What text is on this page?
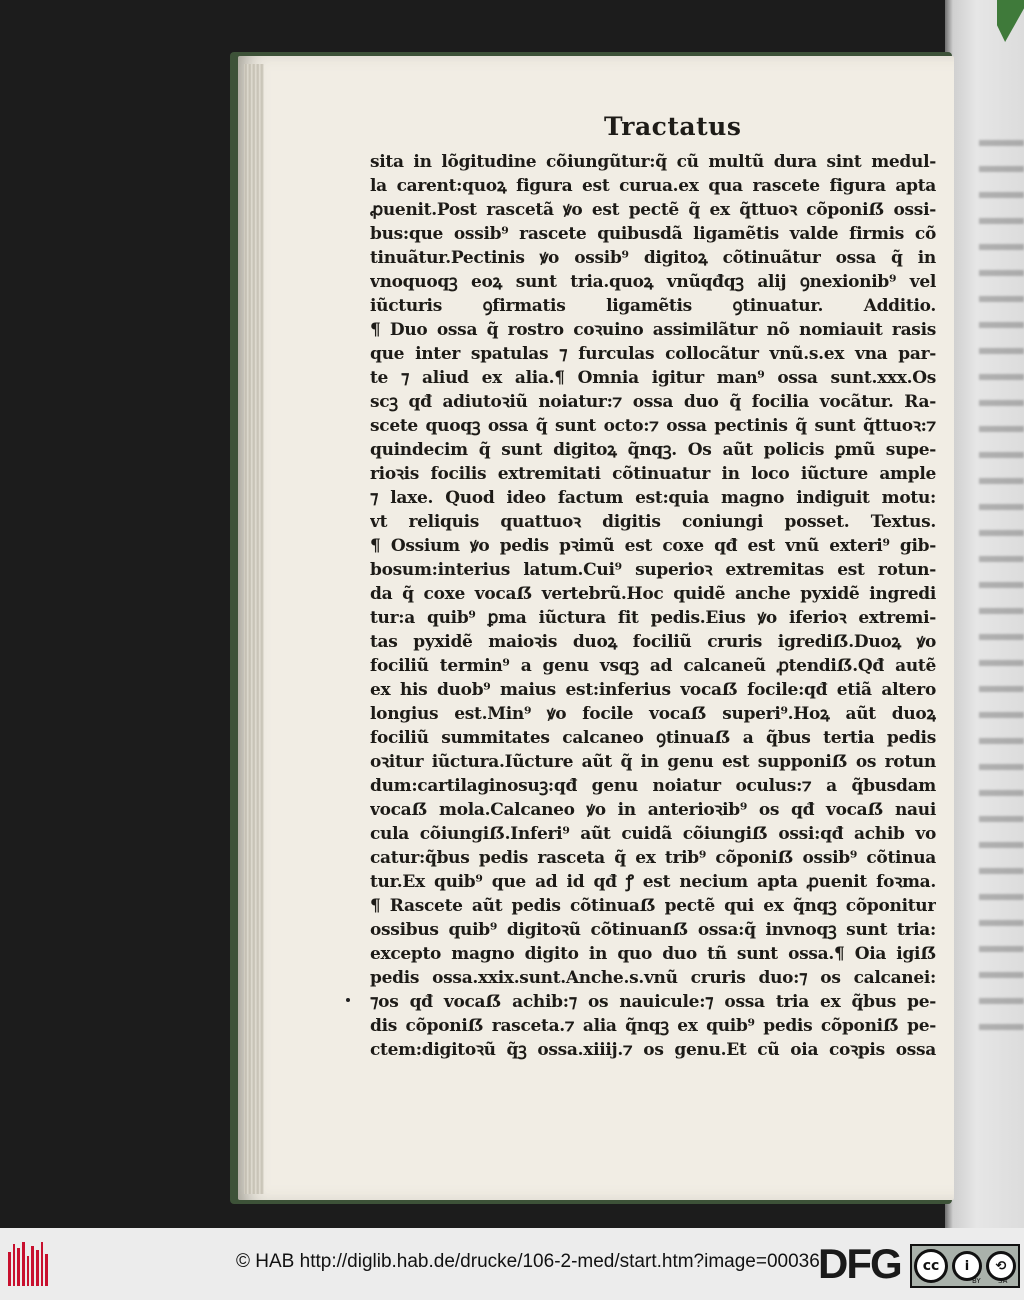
Tractatus
sita in lõgitudine cõiungũtur:q̃ cũ multũ dura sint medul-
la carent:quoꝝ figura est curua.ex qua rascete figura apta
ꝓuenit.Post rascetã ꝟo est pectẽ q̃ ex q̃ttuoꝛ cõponiẞ ossi-
bus:que ossib⁹ rascete quibusdã ligamẽtis valde firmis cõ
tinuãtur.Pectinis ꝟo ossib⁹ digitoꝝ cõtinuãtur ossa q̃ in
vnoquoqꝫ eoꝝ sunt tria.quoꝝ vnũqđqꝫ alij ꝯnexionib⁹ vel
iũcturis ꝯfirmatis ligamẽtis ꝯtinuatur. Additio.
¶ Duo ossa q̃ rostro coꝛuino assimilãtur nõ nomiauit rasis
que inter spatulas ⁊ furculas collocãtur vnũ.s.ex vna par-
te ⁊ aliud ex alia.¶ Omnia igitur man⁹ ossa sunt.xxx.Os
scꝫ qđ adiutoꝛiũ noiatur:⁊ ossa duo q̃ focilia vocãtur. Ra-
scete quoqꝫ ossa q̃ sunt octo:⁊ ossa pectinis q̃ sunt q̃ttuoꝛ:⁊
quindecim q̃ sunt digitoꝝ q̃nqꝫ. Os aũt policis ꝑmũ supe-
rioꝛis focilis extremitati cõtinuatur in loco iũcture ample
⁊ laxe. Quod ideo factum est:quia magno indiguit motu:
vt reliquis quattuoꝛ digitis coniungi posset. Textus.
¶ Ossium ꝟo pedis pꝛimũ est coxe qđ est vnũ exteri⁹ gib-
bosum:interius latum.Cui⁹ superioꝛ extremitas est rotun-
da q̃ coxe vocaẞ vertebrũ.Hoc quidẽ anche pyxidẽ ingredi
tur:a quib⁹ ꝑma iũctura fit pedis.Eius ꝟo iferioꝛ extremi-
tas pyxidẽ maioꝛis duoꝝ fociliũ cruris igrediẞ.Duoꝝ ꝟo
fociliũ termin⁹ a genu vsqꝫ ad calcaneũ ꝓtendiẞ.Qđ autẽ
ex his duob⁹ maius est:inferius vocaẞ focile:qđ etiã altero
longius est.Min⁹ ꝟo focile vocaẞ superi⁹.Hoꝝ aũt duoꝝ
fociliũ summitates calcaneo ꝯtinuaẞ a q̃bus tertia pedis
oꝛitur iũctura.Iũcture aũt q̃ in genu est supponiẞ os rotun
dum:cartilaginosuꝫ:qđ genu noiatur oculus:⁊ a q̃busdam
vocaẞ mola.Calcaneo ꝟo in anterioꝛib⁹ os qđ vocaẞ naui
cula cõiungiẞ.Inferi⁹ aũt cuidã cõiungiẞ ossi:qđ achib vo
catur:q̃bus pedis rasceta q̃ ex trib⁹ cõponiẞ ossib⁹ cõtinua
tur.Ex quib⁹ que ad id qđ ꝭ est necium apta ꝓuenit foꝛma.
¶ Rascete aũt pedis cõtinuaẞ pectẽ qui ex q̃nqꝫ cõponitur
ossibus quib⁹ digitoꝛũ cõtinuanẞ ossa:q̃ invnoqꝫ sunt tria:
excepto magno digito in quo duo tñ sunt ossa.¶ Oia igiẞ
pedis ossa.xxix.sunt.Anche.s.vnũ cruris duo:⁊ os calcanei:
⁊os qđ vocaẞ achib:⁊ os nauicule:⁊ ossa tria ex q̃bus pe-
dis cõponiẞ rasceta.⁊ alia q̃nqꝫ ex quib⁹ pedis cõponiẞ pe-
ctem:digitoꝛũ q̃ꝫ ossa.xiiij.⁊ os genu.Et cũ oia coꝛpis ossa
© HAB http://diglib.hab.de/drucke/106-2-med/start.htm?image=00036
DFG	cc	i	⟲
BY SA
